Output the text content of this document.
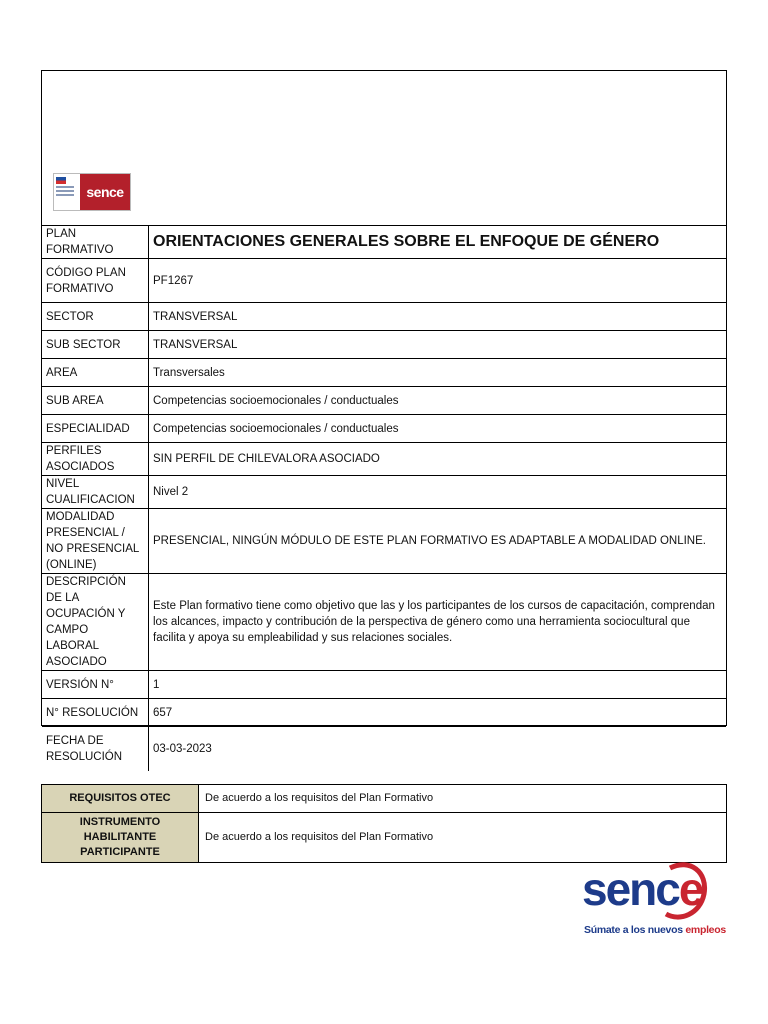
sence
PLAN FORMATIVO	ORIENTACIONES GENERALES SOBRE EL ENFOQUE DE GÉNERO
CÓDIGO PLAN FORMATIVO	PF1267
SECTOR	TRANSVERSAL
SUB SECTOR	TRANSVERSAL
AREA	Transversales
SUB AREA	Competencias socioemocionales / conductuales
ESPECIALIDAD	Competencias socioemocionales / conductuales
PERFILES ASOCIADOS	SIN PERFIL DE CHILEVALORA ASOCIADO
NIVEL CUALIFICACION	Nivel 2
MODALIDAD PRESENCIAL / NO PRESENCIAL (ONLINE)	PRESENCIAL, NINGÚN MÓDULO DE ESTE PLAN FORMATIVO ES ADAPTABLE A MODALIDAD ONLINE.
DESCRIPCIÓN DE LA OCUPACIÓN Y CAMPO LABORAL ASOCIADO	Este Plan formativo tiene como objetivo que las y los participantes de los cursos de capacitación, comprendan los alcances, impacto y contribución de la perspectiva de género como una herramienta sociocultural que facilita y apoya su empleabilidad y sus relaciones sociales.
VERSIÓN N°	1
N° RESOLUCIÓN	657
FECHA DE RESOLUCIÓN	03-03-2023
REQUISITOS OTEC	De acuerdo a los requisitos del Plan Formativo
INSTRUMENTO HABILITANTE PARTICIPANTE	De acuerdo a los requisitos del Plan Formativo
sence
Súmate a los nuevos empleos
